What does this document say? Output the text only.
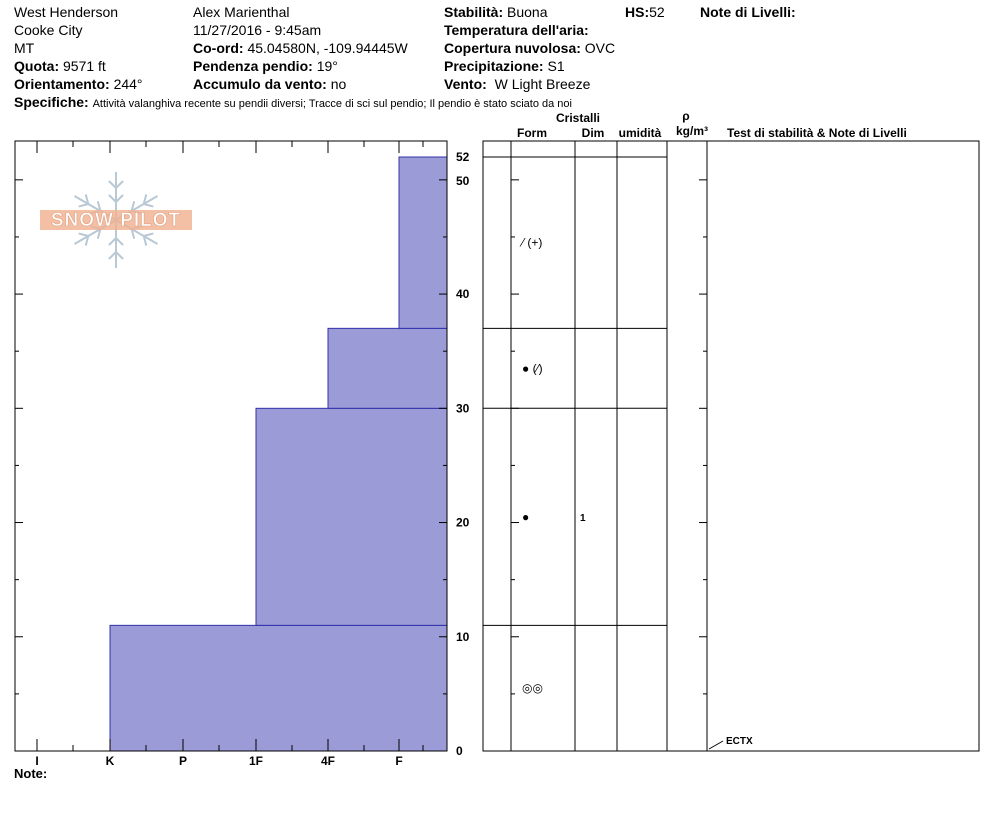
West Henderson
Cooke City
MT
Quota: 9571 ft
Orientamento: 244°
Alex Marienthal
11/27/2016 - 9:45am
Co-ord: 45.04580N, -109.94445W
Pendenza pendio: 19°
Accumulo da vento: no
Stabilità: Buona
Temperatura dell'aria:
Copertura nuvolosa: OVC
Precipitazione: S1
Vento: W Light Breeze
HS:52	Note di Livelli:
Specifiche: Attività valanghiva recente su pendii diversi; Tracce di sci sul pendio; Il pendio è stato sciato da noi
SNOW PILOT
I	K	P	1F	4F	F
0
10
20
30
40
50
52
Cristalli
Form	Dim umidità
ρ
kg/m³ Test di stabilità & Note di Livelli
◎◎
●	1
● (⁄)
⁄ (+)
ECTX
Note:
